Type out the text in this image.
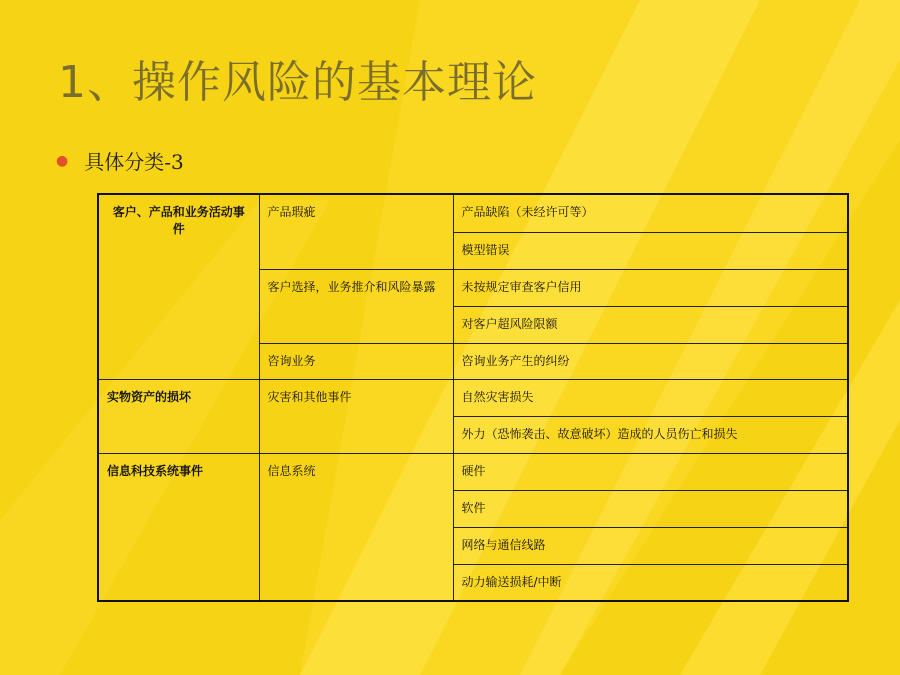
1、操作风险的基本理论
● 具体分类-3
客户、产品和业务活动事件	产品瑕疵	产品缺陷（未经许可等）
		模型错误
	客户选择，业务推介和风险暴露	未按规定审查客户信用
		对客户超风险限额
	咨询业务	咨询业务产生的纠纷
实物资产的损坏	灾害和其他事件	自然灾害损失
		外力（恐怖袭击、故意破坏）造成的人员伤亡和损失
信息科技系统事件	信息系统	硬件
		软件
		网络与通信线路
		动力输送损耗/中断
